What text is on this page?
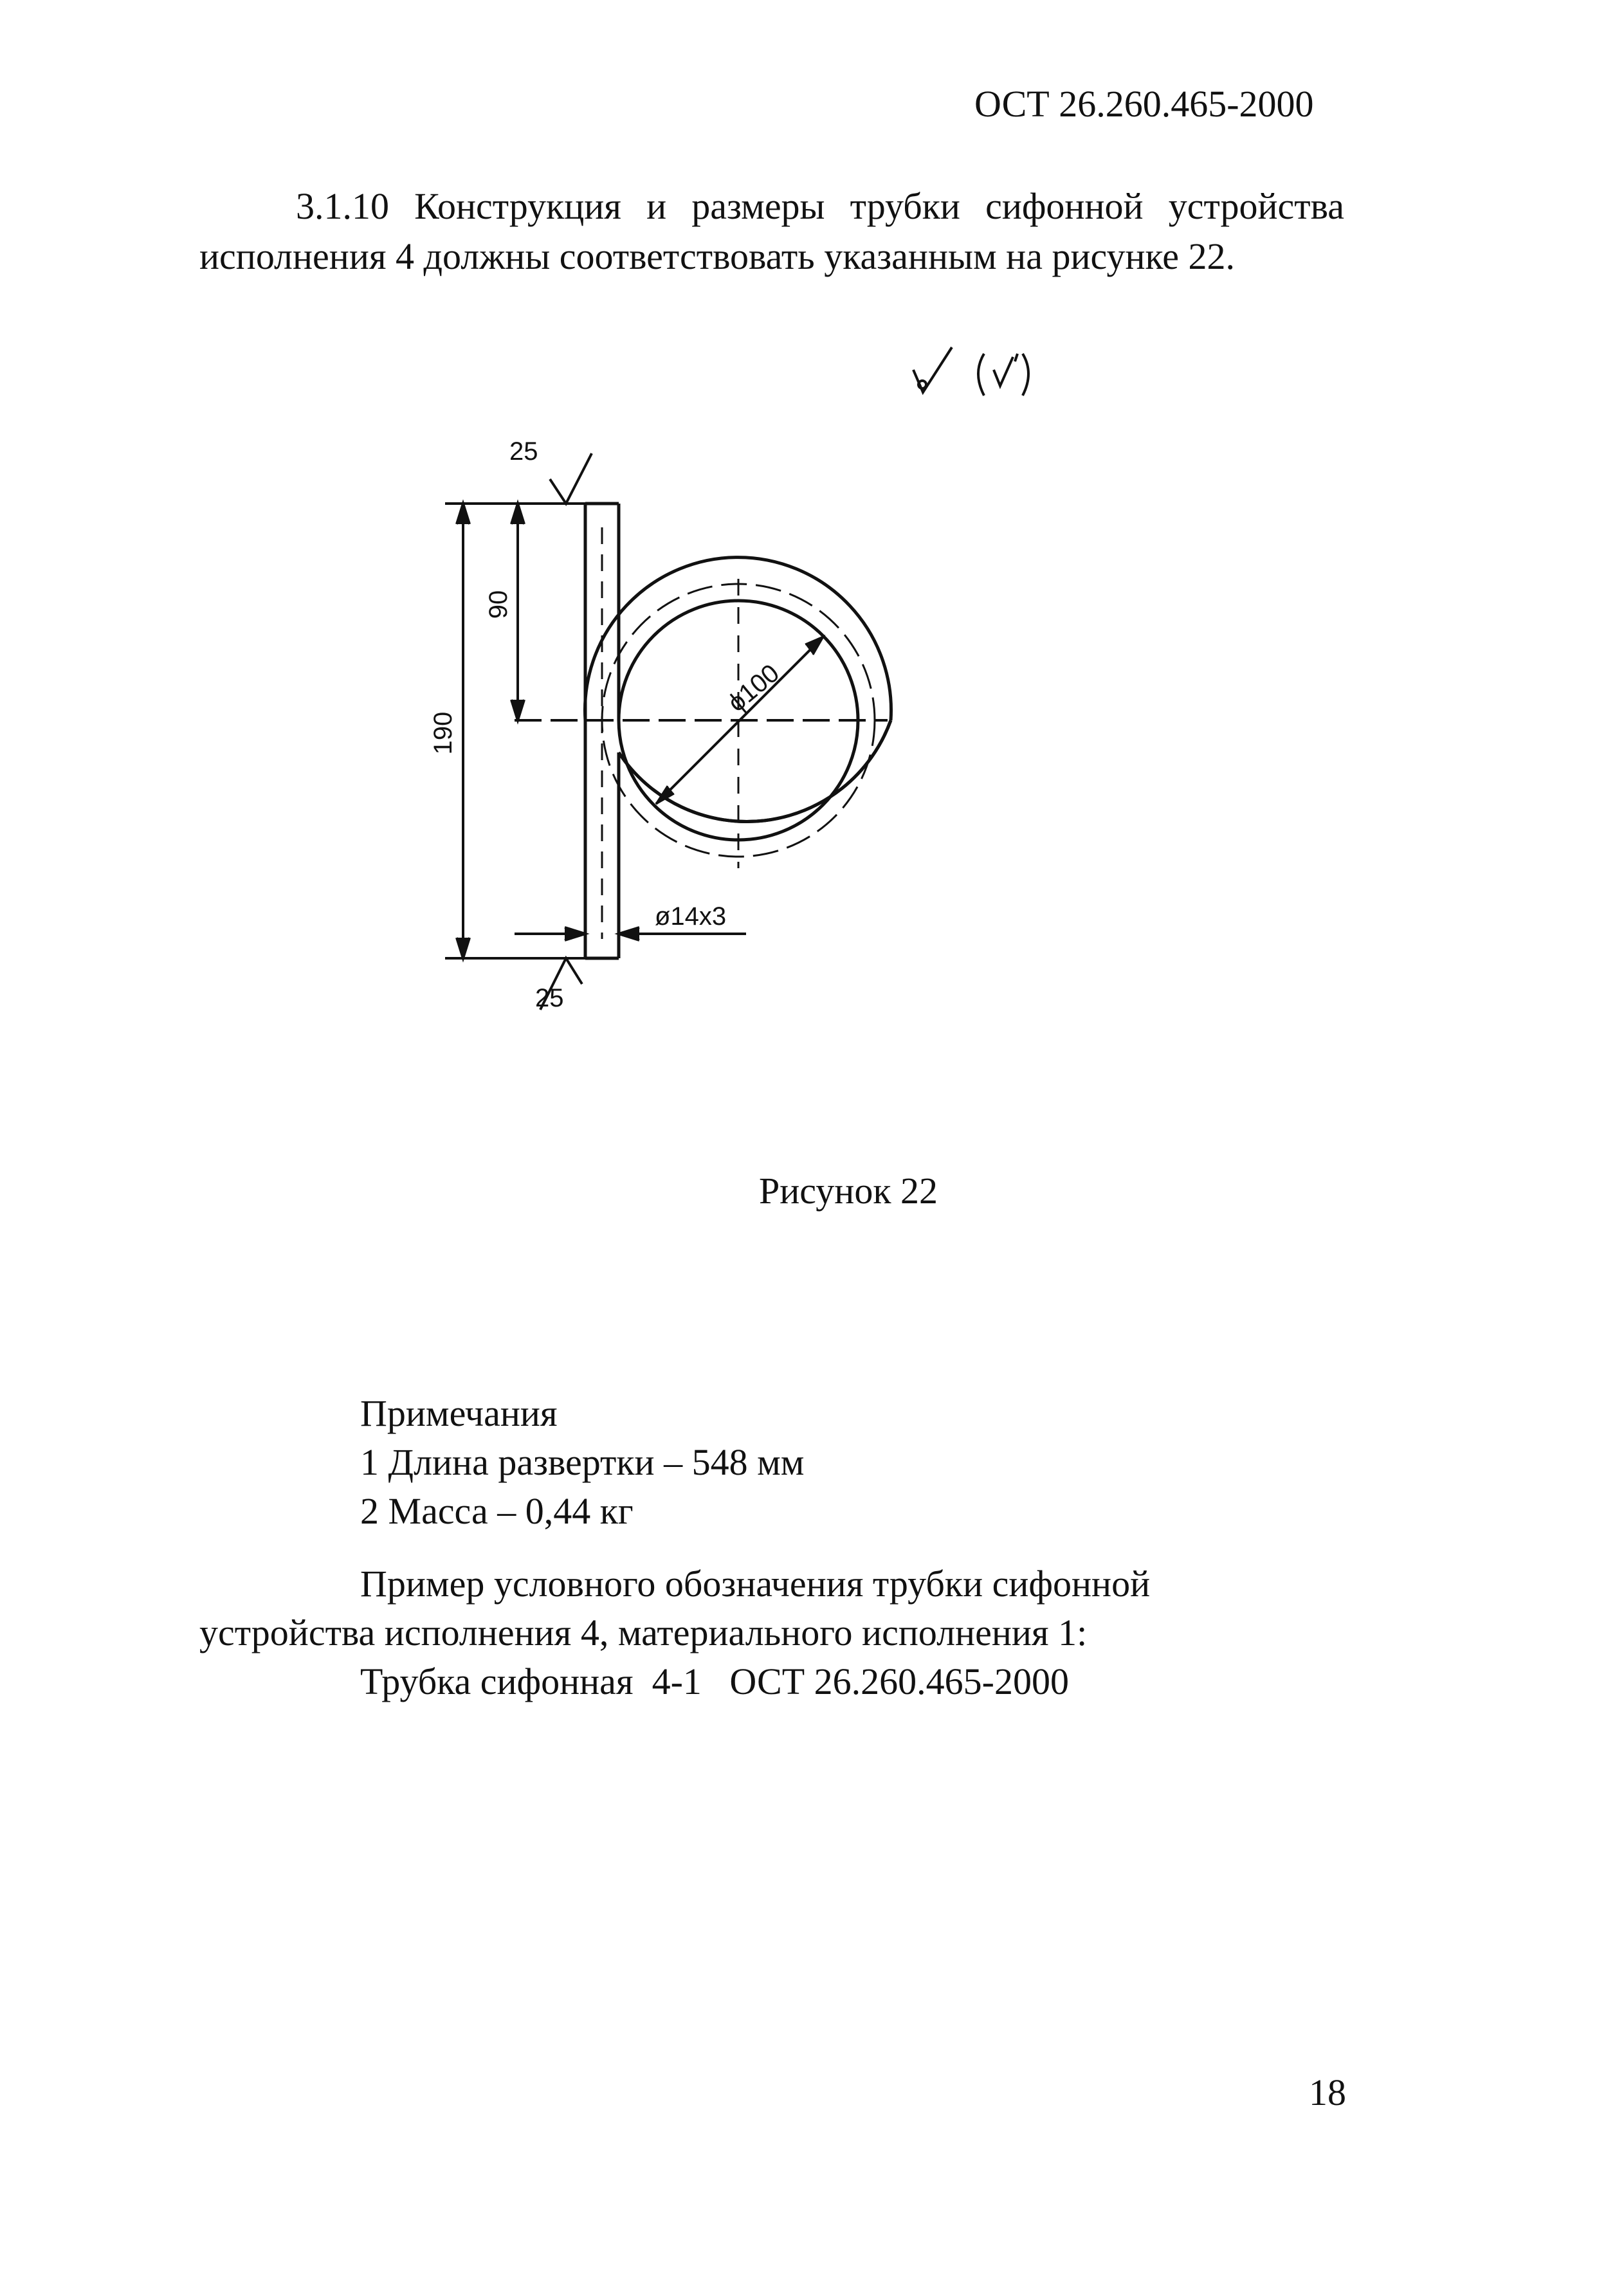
ОСТ 26.260.465-2000
3.1.10 Конструкция и размеры трубки сифонной устройства
исполнения 4 должны соответствовать указанным на рисунке 22.
190
90
ϕ100
ø14x3
25
25
Рисунок 22
Примечания
1 Длина развертки – 548 мм
2 Масса – 0,44 кг
Пример условного обозначения трубки сифонной
устройства исполнения 4, материального исполнения 1:
Трубка сифонная  4-1   ОСТ 26.260.465-2000
18
